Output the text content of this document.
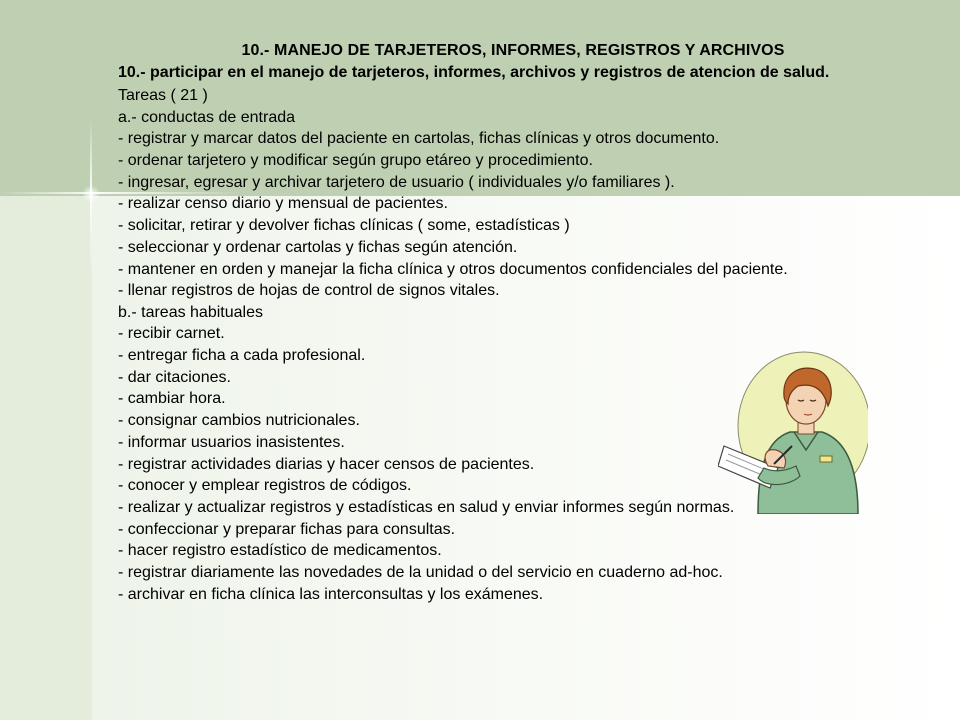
10.- MANEJO DE TARJETEROS, INFORMES, REGISTROS Y ARCHIVOS

10.- participar en el manejo de tarjeteros, informes, archivos y registros de atencion de salud.

Tareas ( 21 )

a.- conductas de entrada

- registrar y marcar datos del paciente en cartolas, fichas clínicas y otros documento.

- ordenar tarjetero y modificar según grupo etáreo y procedimiento.

- ingresar, egresar y archivar tarjetero de usuario ( individuales y/o familiares ).

- realizar censo diario y mensual de pacientes.

- solicitar, retirar y devolver fichas clínicas ( some, estadísticas )

- seleccionar y ordenar cartolas y fichas según atención.

- mantener en orden y manejar la ficha clínica y otros documentos confidenciales del paciente.

- llenar registros de hojas de control de signos vitales.

b.- tareas habituales

- recibir carnet.

- entregar ficha a cada profesional.

- dar citaciones.

- cambiar hora.

- consignar cambios nutricionales.

- informar usuarios inasistentes.

- registrar actividades diarias y hacer censos de pacientes.

- conocer y emplear registros de códigos.

- realizar y actualizar registros y estadísticas en salud y enviar informes según normas.

- confeccionar y preparar fichas para consultas.

- hacer registro estadístico de medicamentos.

- registrar diariamente las novedades de la unidad o del servicio en cuaderno ad-hoc.

- archivar en ficha clínica las interconsultas y los exámenes.
